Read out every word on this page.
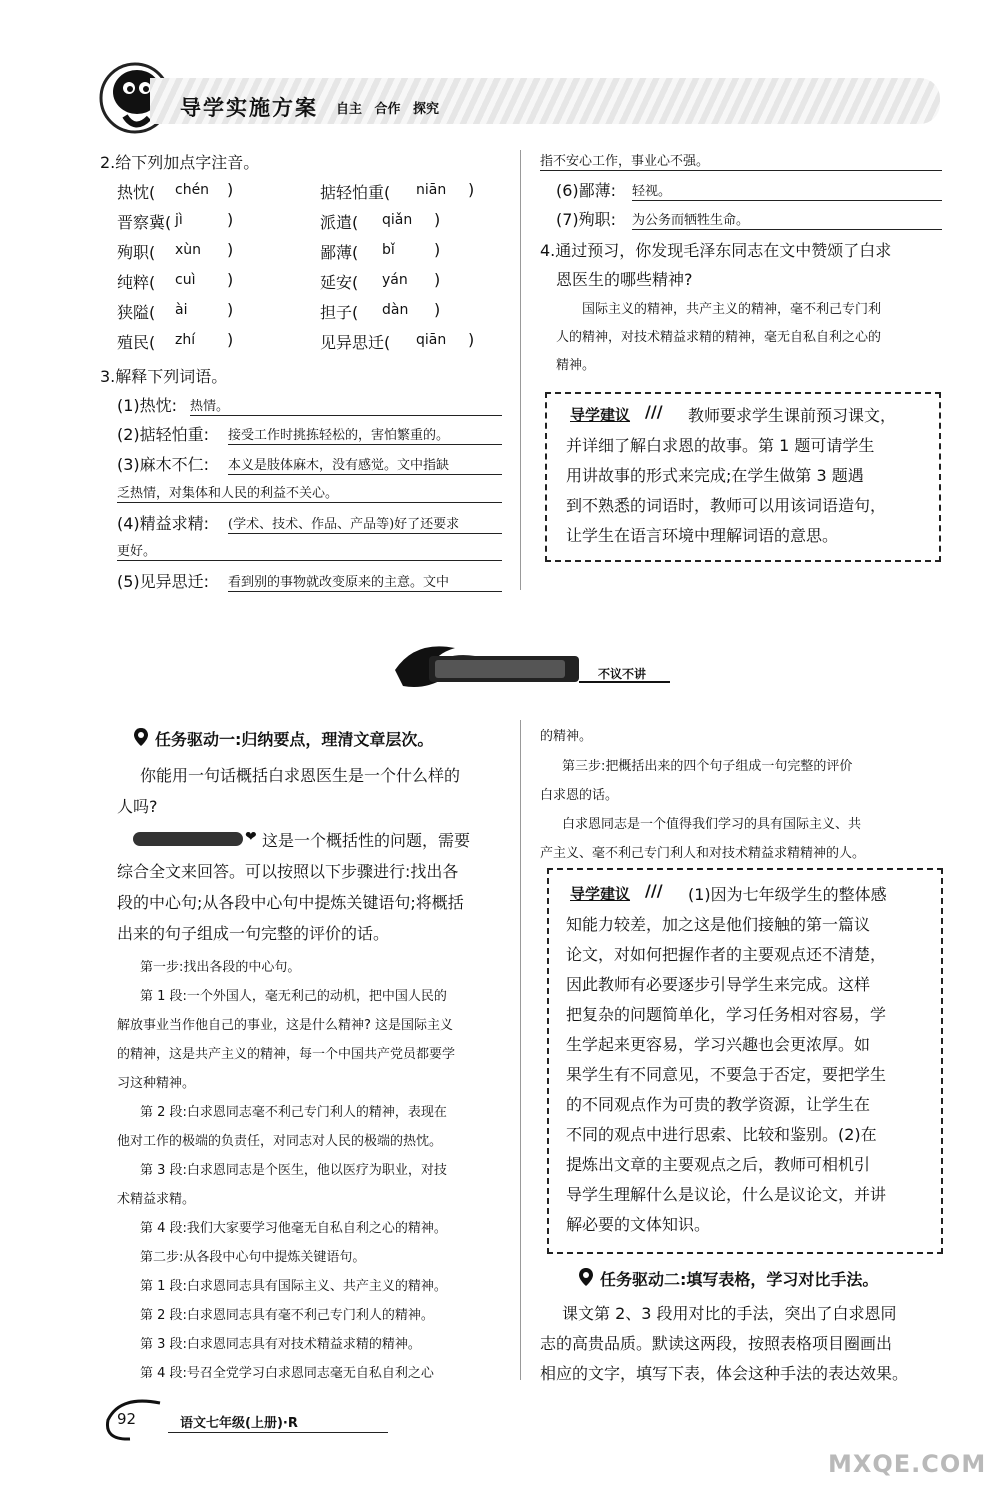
导学实施方案 自主 合作 探究
2.给下列加点字注音。
热忱( chén )	掂轻怕重( niān )
晋察冀( jì	)	派遣( qiǎn )
殉职( xùn )	鄙薄( bǐ )
纯粹( cuì )	延安( yán )
狭隘( ài )	担子( dàn )
殖民( zhí )	见异思迁( qiān )
3.解释下列词语。
(1)热忱: 热情。
(2)掂轻怕重: 接受工作时挑拣轻松的，害怕繁重的。
(3)麻木不仁: 本义是肢体麻木，没有感觉。文中指缺
乏热情，对集体和人民的利益不关心。
(4)精益求精: (学术、技术、作品、产品等)好了还要求
更好。
(5)见异思迁: 看到别的事物就改变原来的主意。文中
指不安心工作，事业心不强。
(6)鄙薄: 轻视。
(7)殉职: 为公务而牺牲生命。
4.通过预习，你发现毛泽东同志在文中赞颂了白求
恩医生的哪些精神?
国际主义的精神，共产主义的精神，毫不利己专门利
人的精神，对技术精益求精的精神，毫无自私自利之心的
精神。
导学建议 /// 教师要求学生课前预习课文，
并详细了解白求恩的故事。第 1 题可请学生
用讲故事的形式来完成;在学生做第 3 题遇
到不熟悉的词语时，教师可以用该词语造句，
让学生在语言环境中理解词语的意思。
不议不讲
任务驱动一:归纳要点，理清文章层次。
你能用一句话概括白求恩医生是一个什么样的
人吗?
❤ 这是一个概括性的问题，需要
综合全文来回答。可以按照以下步骤进行:找出各
段的中心句;从各段中心句中提炼关键语句;将概括
出来的句子组成一句完整的评价的话。
第一步:找出各段的中心句。
第 1 段:一个外国人，毫无利己的动机，把中国人民的
解放事业当作他自己的事业，这是什么精神? 这是国际主义
的精神，这是共产主义的精神，每一个中国共产党员都要学
习这种精神。
第 2 段:白求恩同志毫不利己专门利人的精神，表现在
他对工作的极端的负责任，对同志对人民的极端的热忱。
第 3 段:白求恩同志是个医生，他以医疗为职业，对技
术精益求精。
第 4 段:我们大家要学习他毫无自私自利之心的精神。
第二步:从各段中心句中提炼关键语句。
第 1 段:白求恩同志具有国际主义、共产主义的精神。
第 2 段:白求恩同志具有毫不利己专门利人的精神。
第 3 段:白求恩同志具有对技术精益求精的精神。
第 4 段:号召全党学习白求恩同志毫无自私自利之心
的精神。
第三步:把概括出来的四个句子组成一句完整的评价
白求恩的话。
白求恩同志是一个值得我们学习的具有国际主义、共
产主义、毫不利己专门利人和对技术精益求精精神的人。
导学建议 /// (1)因为七年级学生的整体感
知能力较差，加之这是他们接触的第一篇议
论文，对如何把握作者的主要观点还不清楚，
因此教师有必要逐步引导学生来完成。这样
把复杂的问题简单化，学习任务相对容易，学
生学起来更容易，学习兴趣也会更浓厚。如
果学生有不同意见，不要急于否定，要把学生
的不同观点作为可贵的教学资源，让学生在
不同的观点中进行思索、比较和鉴别。(2)在
提炼出文章的主要观点之后，教师可相机引
导学生理解什么是议论，什么是议论文，并讲
解必要的文体知识。
任务驱动二:填写表格，学习对比手法。
课文第 2、3 段用对比的手法，突出了白求恩同
志的高贵品质。默读这两段，按照表格项目圈画出
相应的文字，填写下表，体会这种手法的表达效果。
92	语文七年级(上册)·R
MXQE.COM
